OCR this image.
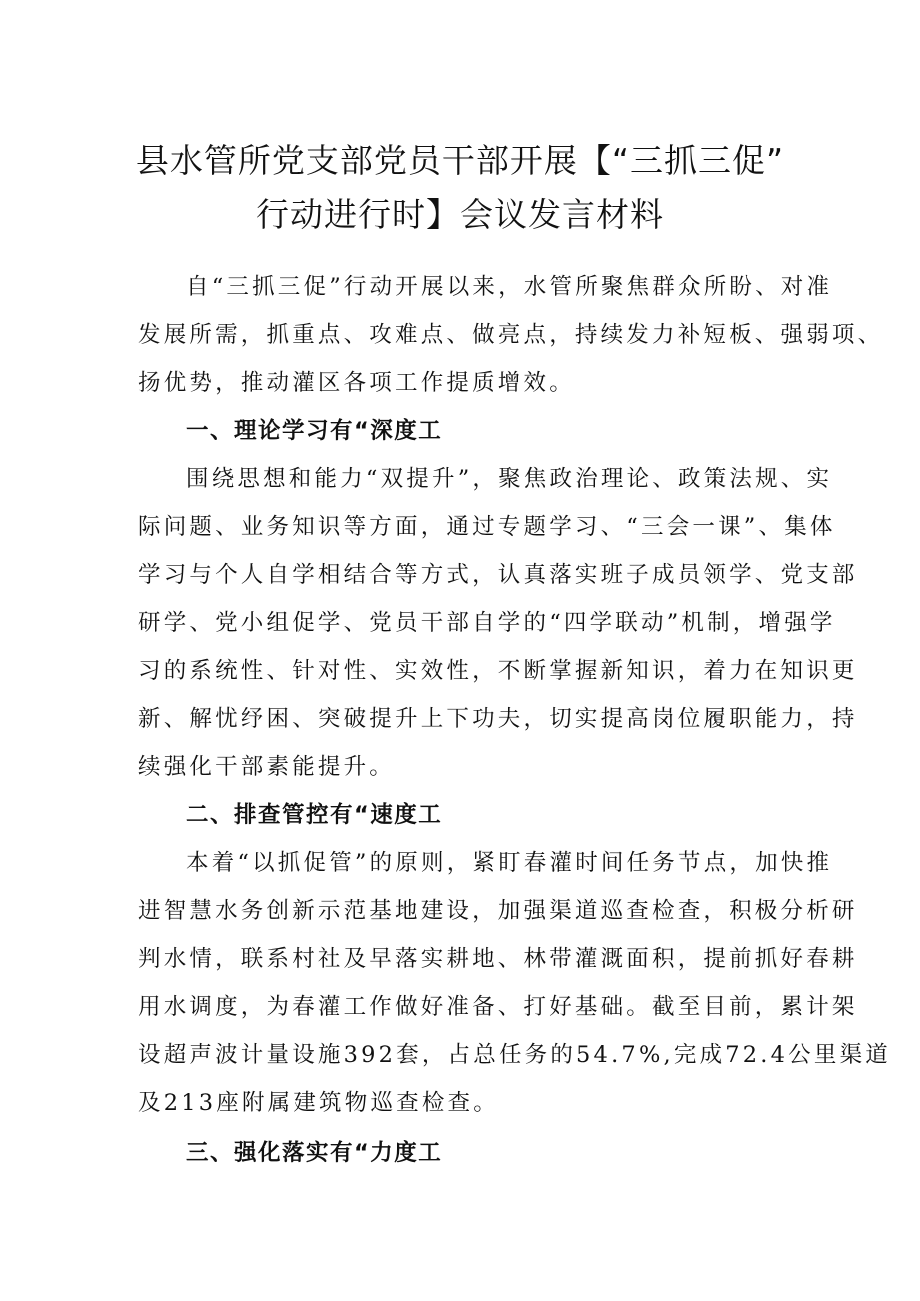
县水管所党支部党员干部开展【“三抓三促”
行动进行时】会议发言材料
自“三抓三促”行动开展以来，水管所聚焦群众所盼、对准
发展所需，抓重点、攻难点、做亮点，持续发力补短板、强弱项、
扬优势，推动灌区各项工作提质增效。
一、理论学习有“深度工
围绕思想和能力“双提升”，聚焦政治理论、政策法规、实
际问题、业务知识等方面，通过专题学习、“三会一课”、集体
学习与个人自学相结合等方式，认真落实班子成员领学、党支部
研学、党小组促学、党员干部自学的“四学联动”机制，增强学
习的系统性、针对性、实效性，不断掌握新知识，着力在知识更
新、解忧纾困、突破提升上下功夫，切实提高岗位履职能力，持
续强化干部素能提升。
二、排查管控有“速度工
本着“以抓促管”的原则，紧盯春灌时间任务节点，加快推
进智慧水务创新示范基地建设，加强渠道巡查检查，积极分析研
判水情，联系村社及早落实耕地、林带灌溉面积，提前抓好春耕
用水调度，为春灌工作做好准备、打好基础。截至目前，累计架
设超声波计量设施392套，占总任务的54.7%,完成72.4公里渠道
及213座附属建筑物巡查检查。
三、强化落实有“力度工
